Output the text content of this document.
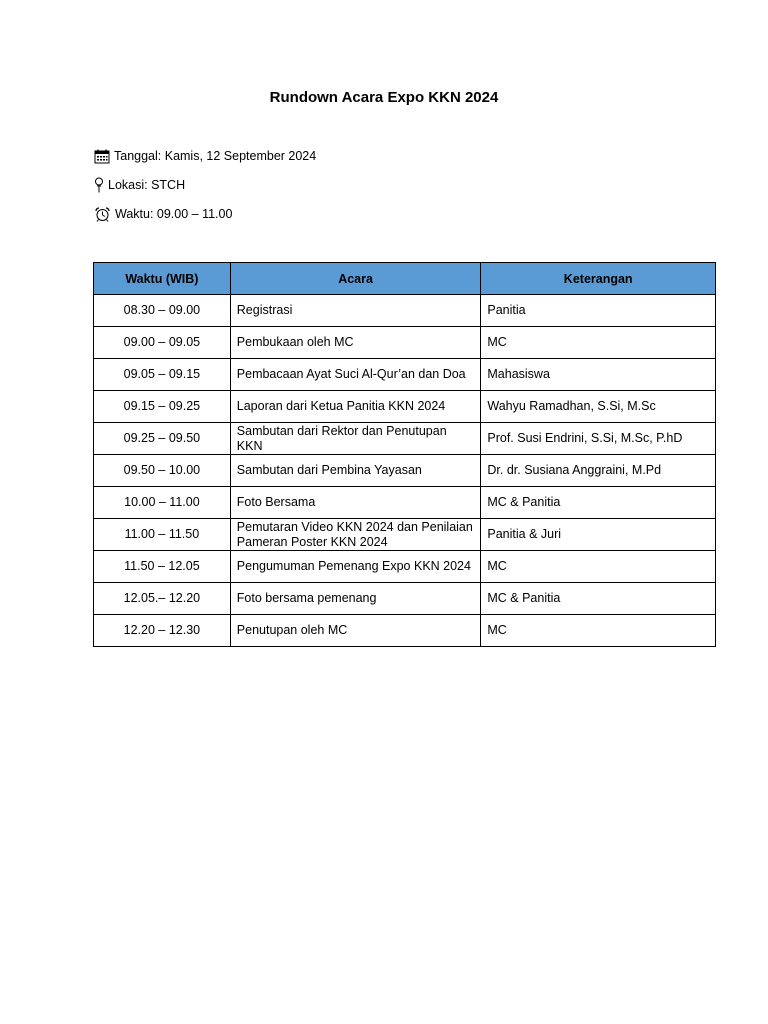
Rundown Acara Expo KKN 2024
Tanggal: Kamis, 12 September 2024
Lokasi: STCH
Waktu: 09.00 – 11.00
Waktu (WIB)	Acara	Keterangan
08.30 – 09.00	Registrasi	Panitia
09.00 – 09.05	Pembukaan oleh MC	MC
09.05 – 09.15	Pembacaan Ayat Suci Al-Qur’an dan Doa	Mahasiswa
09.15 – 09.25	Laporan dari Ketua Panitia KKN 2024	Wahyu Ramadhan, S.Si, M.Sc
09.25 – 09.50	Sambutan dari Rektor dan Penutupan KKN	Prof. Susi Endrini, S.Si, M.Sc, P.hD
09.50 – 10.00	Sambutan dari Pembina Yayasan	Dr. dr. Susiana Anggraini, M.Pd
10.00 – 11.00	Foto Bersama	MC & Panitia
11.00 – 11.50	Pemutaran Video KKN 2024 dan Penilaian Pameran Poster KKN 2024	Panitia & Juri
11.50 – 12.05	Pengumuman Pemenang Expo KKN 2024	MC
12.05.– 12.20	Foto bersama pemenang	MC & Panitia
12.20 – 12.30	Penutupan oleh MC	MC
